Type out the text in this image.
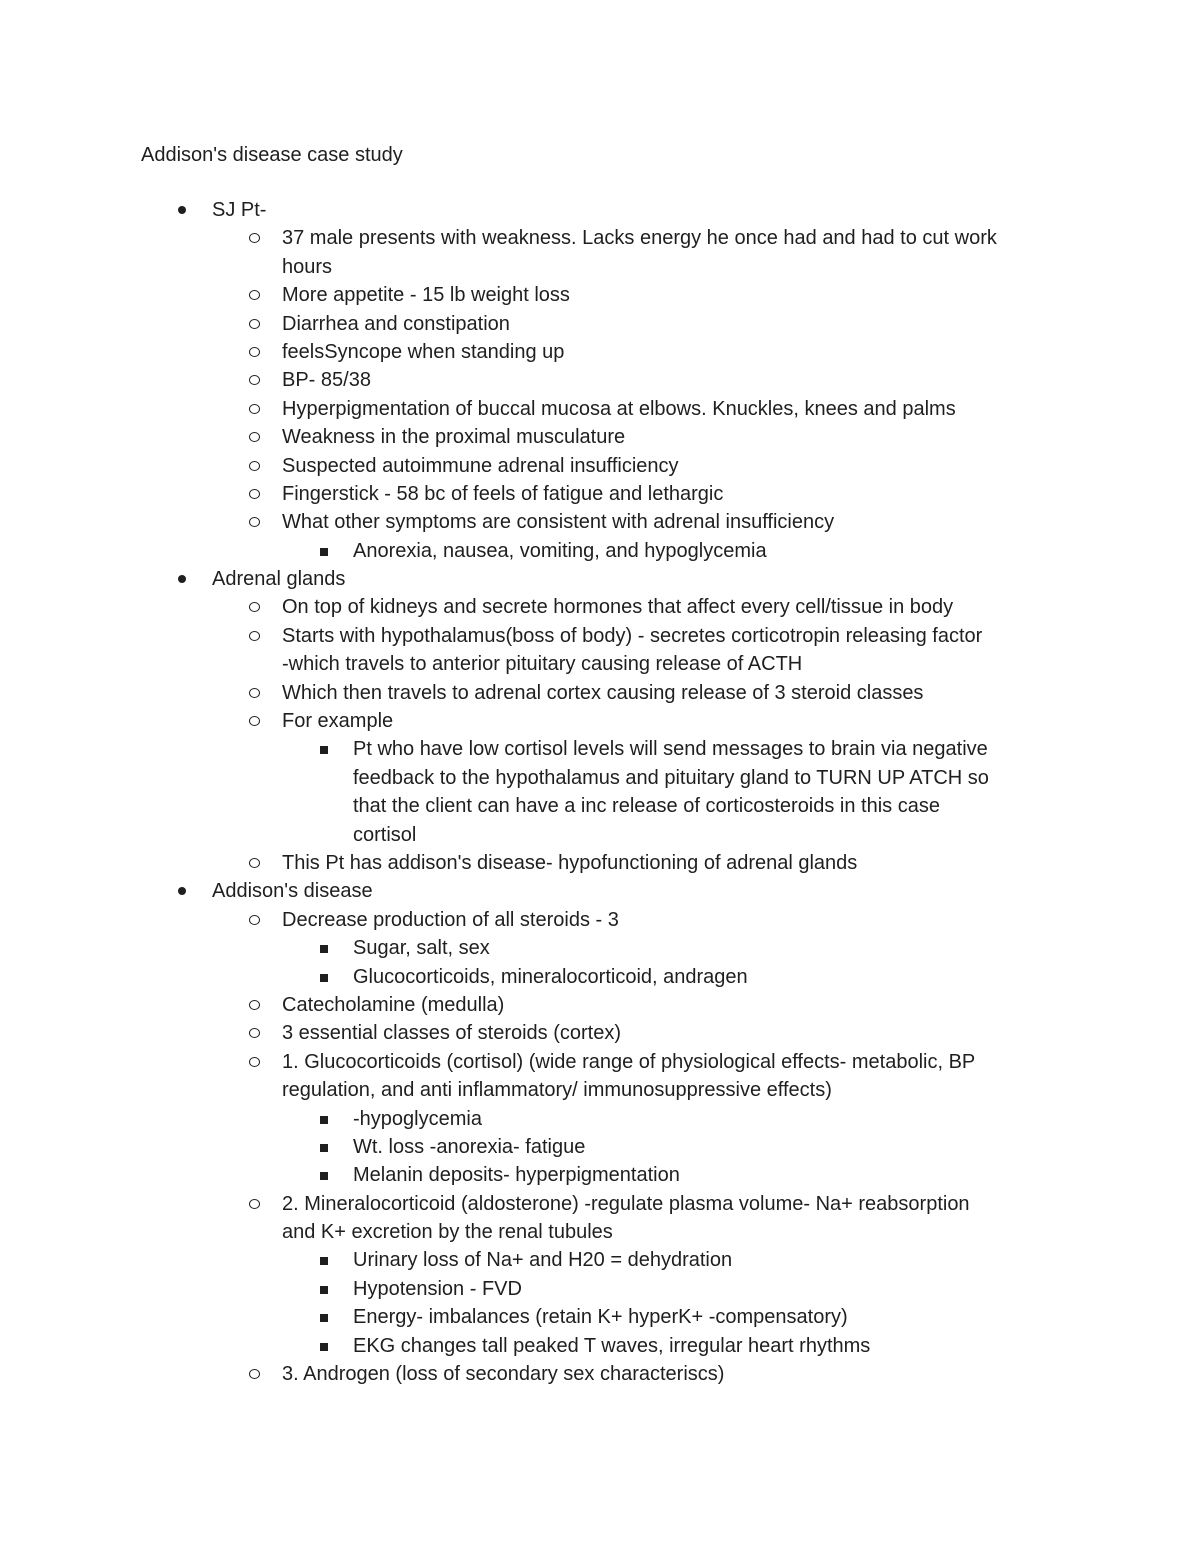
Addison's disease case study
SJ Pt-
37 male presents with weakness. Lacks energy he once had and had to cut work
hours
More appetite - 15 lb weight loss
Diarrhea and constipation
feelsSyncope when standing up
BP- 85/38
Hyperpigmentation of buccal mucosa at elbows. Knuckles, knees and palms
Weakness in the proximal musculature
Suspected autoimmune adrenal insufficiency
Fingerstick - 58 bc of feels of fatigue and lethargic
What other symptoms are consistent with adrenal insufficiency
Anorexia, nausea, vomiting, and hypoglycemia
Adrenal glands
On top of kidneys and secrete hormones that affect every cell/tissue in body
Starts with hypothalamus(boss of body) - secretes corticotropin releasing factor
-which travels to anterior pituitary causing release of ACTH
Which then travels to adrenal cortex causing release of 3 steroid classes
For example
Pt who have low cortisol levels will send messages to brain via negative
feedback to the hypothalamus and pituitary gland to TURN UP ATCH so
that the client can have a inc release of corticosteroids in this case
cortisol
This Pt has addison's disease- hypofunctioning of adrenal glands
Addison's disease
Decrease production of all steroids - 3
Sugar, salt, sex
Glucocorticoids, mineralocorticoid, andragen
Catecholamine (medulla)
3 essential classes of steroids (cortex)
1. Glucocorticoids (cortisol) (wide range of physiological effects- metabolic, BP
regulation, and anti inflammatory/ immunosuppressive effects)
-hypoglycemia
Wt. loss -anorexia- fatigue
Melanin deposits- hyperpigmentation
2. Mineralocorticoid (aldosterone) -regulate plasma volume- Na+ reabsorption
and K+ excretion by the renal tubules
Urinary loss of Na+ and H20 = dehydration
Hypotension - FVD
Energy- imbalances (retain K+ hyperK+ -compensatory)
EKG changes tall peaked T waves, irregular heart rhythms
3. Androgen (loss of secondary sex characteriscs)
